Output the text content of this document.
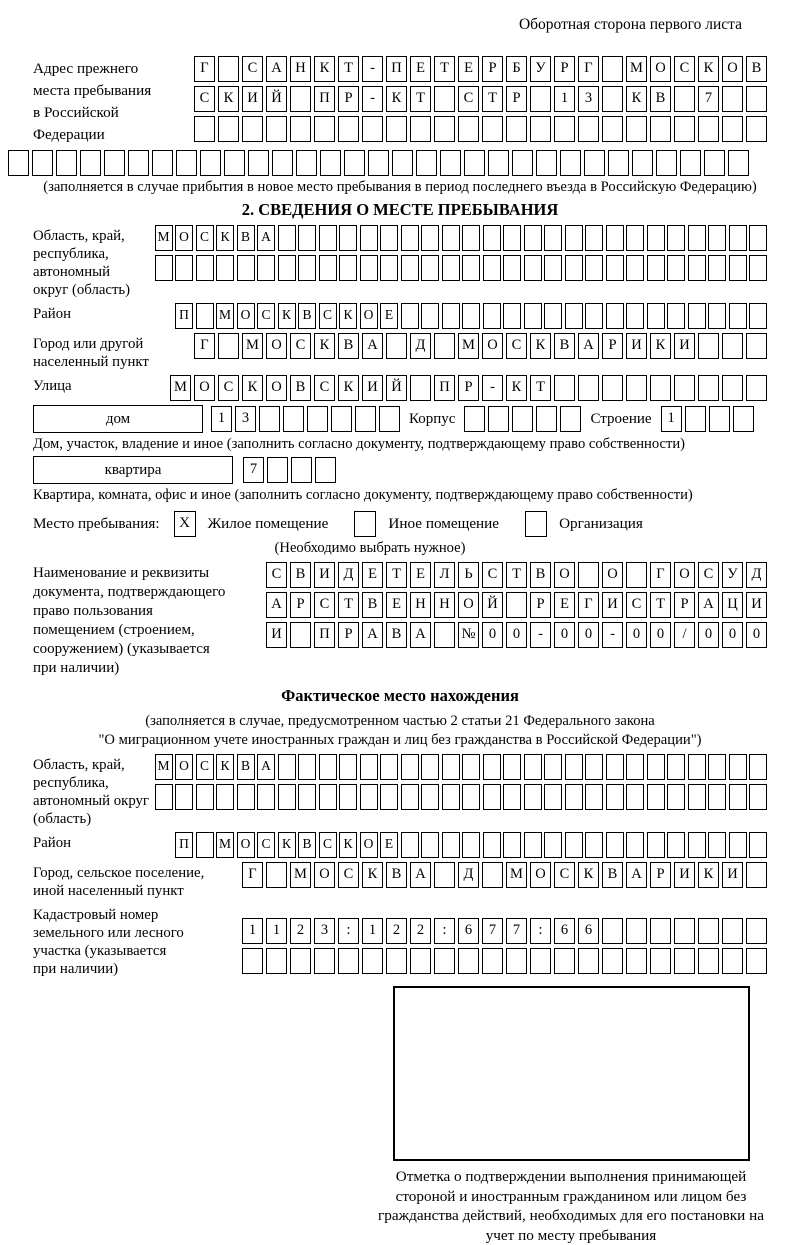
Оборотная сторона первого листа
Адрес прежнего
места пребывания
в Российской
Федерации
Г	С А Н К	Т	-	П Е	Т	Е	Р	Б	У	Р	Г	М О С К О В
С К И Й	П	Р	-	К	Т	С	Т	Р	1	3	К В	7
(заполняется в случае прибытия в новое место пребывания в период последнего въезда в Российскую Федерацию)
2. СВЕДЕНИЯ О МЕСТЕ ПРЕБЫВАНИЯ
Область, край,
республика,
автономный
округ (область)
М О С К В А
Район	П	М О С К В С К О Е
Город или другой
населенный пункт
Г	М О С К В А	Д	М О С К В А	Р	И К И
Улица	М О С К О В С К И Й	П	Р	-	К	Т
дом	1	3	Корпус	Строение	1
Дом, участок, владение и иное (заполнить согласно документу, подтверждающему право собственности)
квартира	7
Квартира, комната, офис и иное (заполнить согласно документу, подтверждающему право собственности)
Место пребывания:	X	Жилое помещение	Иное помещение	Организация
(Необходимо выбрать нужное)
Наименование и реквизиты
документа, подтверждающего
право пользования
помещением (строением,
сооружением) (указывается
при наличии)
С В И Д	Е	Т	Е	Л	Ь	С	Т	В О	О	Г	О С У Д
А	Р	С	Т	В	Е Н Н О Й	Р	Е	Г	И С	Т	Р	А Ц И
И	П	Р	А В А	№ 0	0	-	0	0	-	0	0	/	0	0	0
Фактическое место нахождения
(заполняется в случае, предусмотренном частью 2 статьи 21 Федерального закона
"О миграционном учете иностранных граждан и лиц без гражданства в Российской Федерации")
Область, край,
республика,
автономный округ
(область)
М О С К В А
Район	П	М О С К В С К О Е
Город, сельское поселение,
иной населенный пункт
Г	М О С К В А	Д	М О С К В А	Р	И К И
Кадастровый номер
земельного или лесного
участка (указывается
при наличии)
1	1	2	3	:	1	2	2	:	6	7	7	:	6	6
Отметка о подтверждении выполнения принимающей стороной и иностранным гражданином или лицом без гражданства действий, необходимых для его постановки на учет по месту пребывания
